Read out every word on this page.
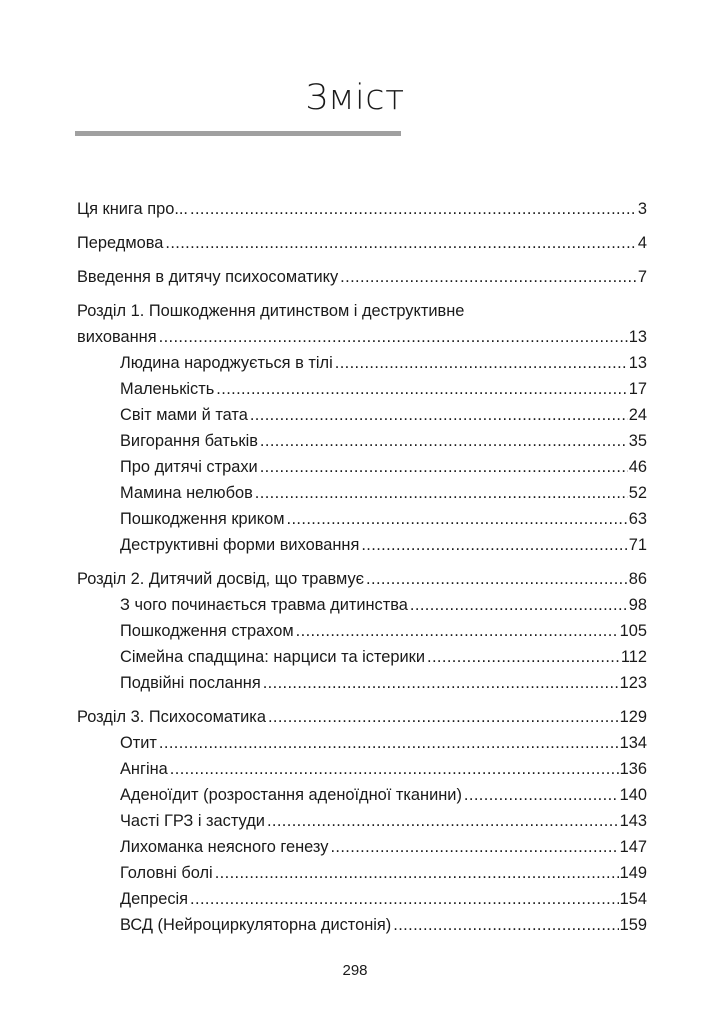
Зміст
Ця книга про... .....	3
Передмова .....	4
Введення в дитячу психосоматику .....	7
Розділ 1. Пошкодження дитинством і деструктивне
виховання .....	13
Людина народжується в тілі .....	13
Маленькість .....	17
Світ мами й тата .....	24
Вигорання батьків .....	35
Про дитячі страхи .....	46
Мамина нелюбов .....	52
Пошкодження криком .....	63
Деструктивні форми виховання .....	71
Розділ 2. Дитячий досвід, що травмує .....	86
З чого починається травма дитинства .....	98
Пошкодження страхом .....	105
Сімейна спадщина: нарциси та істерики .....	112
Подвійні послання .....	123
Розділ 3. Психосоматика .....	129
Отит .....	134
Ангіна .....	136
Аденоїдит (розростання аденоїдної тканини) .....	140
Часті ГРЗ і застуди .....	143
Лихоманка неясного генезу .....	147
Головні болі .....	149
Депресія .....	154
ВСД (Нейроциркуляторна дистонія) .....	159
298
